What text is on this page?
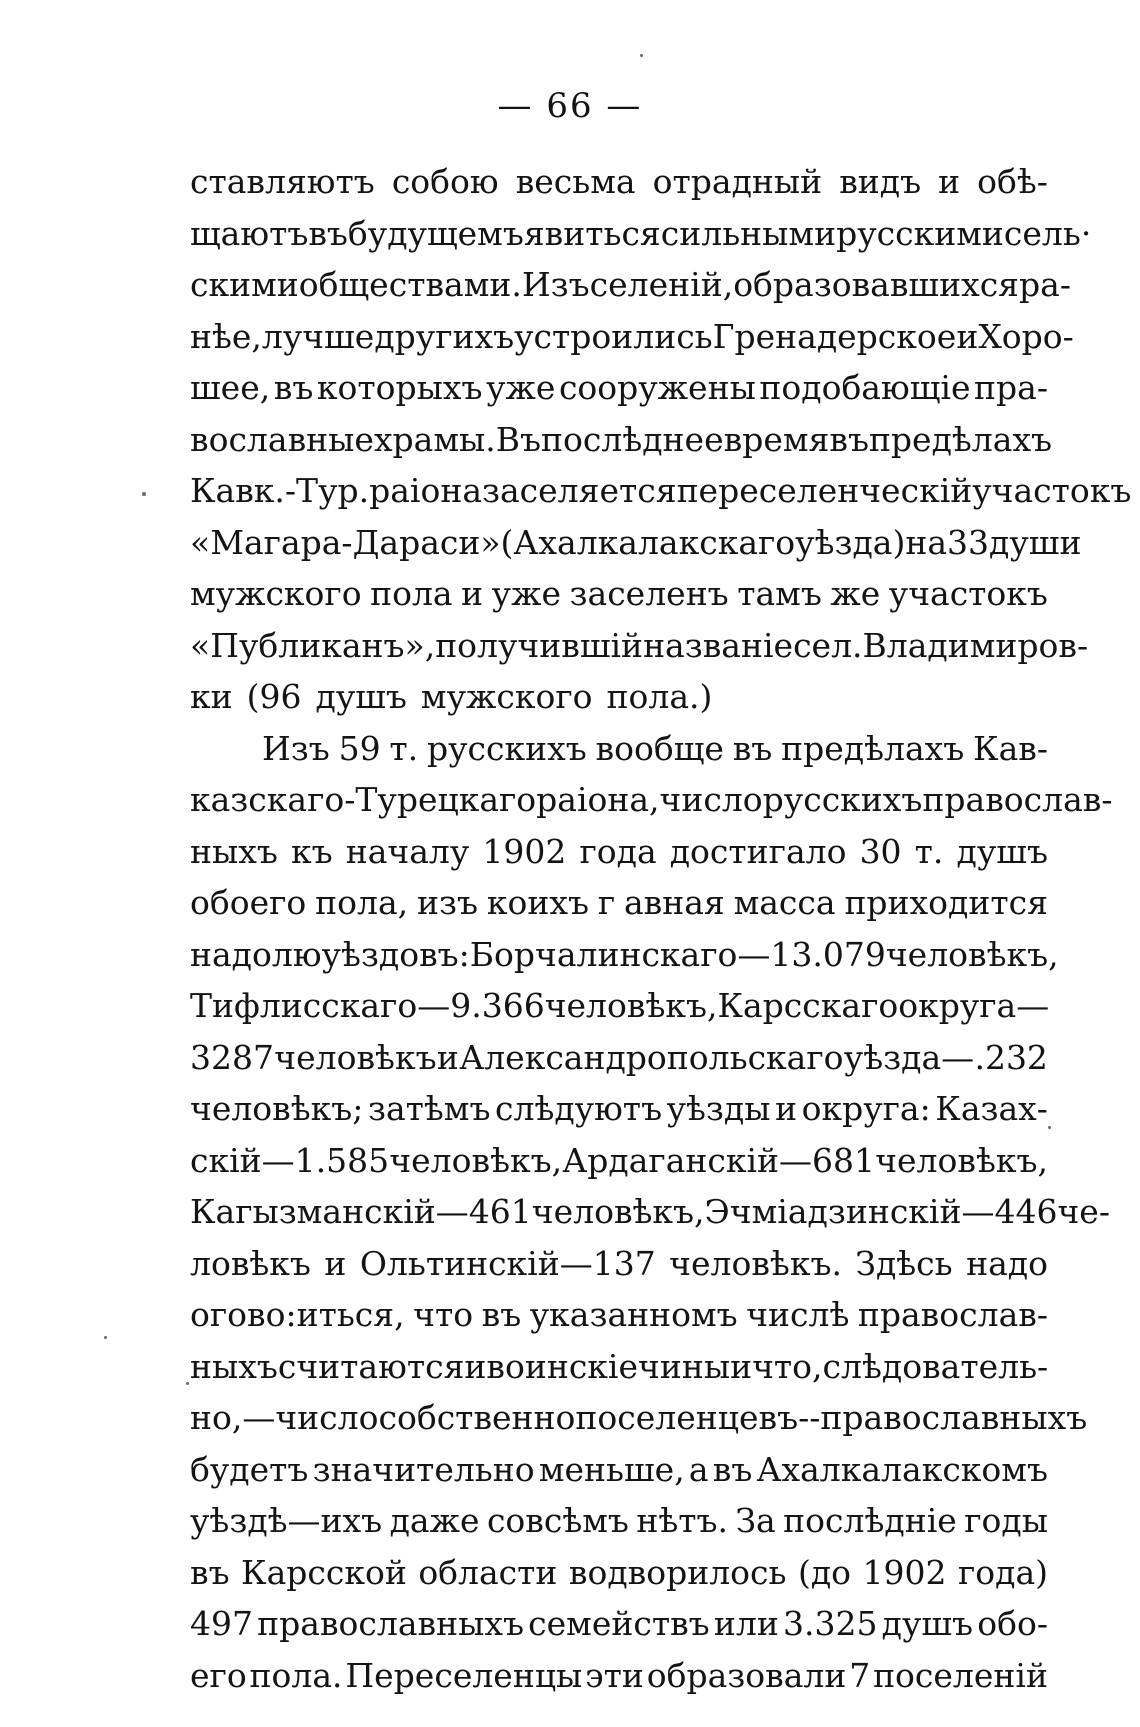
— 66 —
ставляютъ собою весьма отрадный видъ и обѣ-
щаютъ въ будущемъ явиться сильными русскими сель·
скими обществами. Изъ селеній, образовавшихся ра-
нѣе, лучше другихъ устроились Гренадерское и Хоро-
шее, въ которыхъ уже сооружены подобающіе пра-
вославные храмы. Въ послѣднее время въ предѣлахъ
Кавк.-Тур. раіона заселяется переселенческій участокъ
«Магара-Дараси» (Ахалкалакскаго уѣзда) на 33 души
мужского пола и уже заселенъ тамъ же участокъ
«Публиканъ», получившій названіе сел. Владимиров-
ки (96 душъ мужского пола.)
Изъ 59 т. русскихъ вообще въ предѣлахъ Кав-
казскаго-Турецкаго раіона, число русскихъ православ-
ныхъ къ началу 1902 года достигало 30 т. душъ
обоего пола, изъ коихъ г авная масса приходится
на долю уѣздовъ: Борчалинскаго—13.079 человѣкъ,
Тифлисскаго—9.366 человѣкъ, Карсскаго округа—
3287 человѣкъ и Александропольскаго уѣзда— .232
человѣкъ; затѣмъ слѣдуютъ уѣзды и округа: Казах-
скій—1.585 человѣкъ, Ардаганскій—681 человѣкъ,
Кагызманскій —461 человѣкъ, Эчміадзинскій—446 че-
ловѣкъ и Ольтинскій—137 человѣкъ. Здѣсь надо
огово:иться, что въ указанномъ числѣ православ-
ныхъ считаются и воинскіе чины и что, слѣдователь-
но,—число собственно поселенцевъ--православныхъ
будетъ значительно меньше, а въ Ахалкалакскомъ
уѣздѣ—ихъ даже совсѣмъ нѣтъ. За послѣдніе годы
въ Карсской области водворилось (до 1902 года)
497 православныхъ семействъ или 3.325 душъ обо-
его пола. Переселенцы эти образовали 7 поселеній
